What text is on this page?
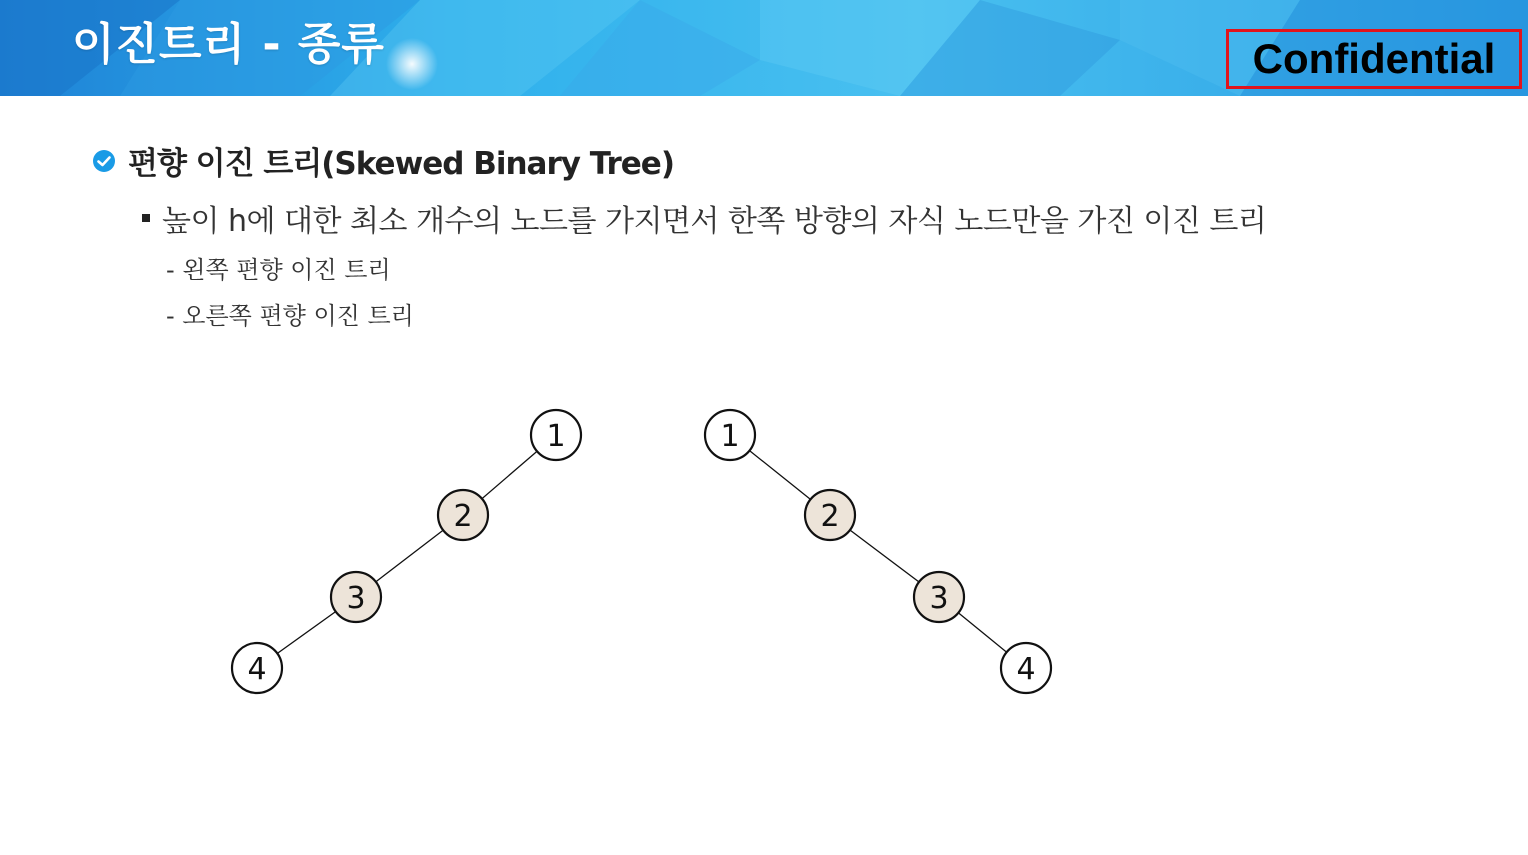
이진트리 - 종류	Confidential
편향 이진 트리(Skewed Binary Tree)
높이 h에 대한 최소 개수의 노드를 가지면서 한쪽 방향의 자식 노드만을 가진 이진 트리
- 왼쪽 편향 이진 트리
- 오른쪽 편향 이진 트리
1
2
3
4
1
2
3
4
